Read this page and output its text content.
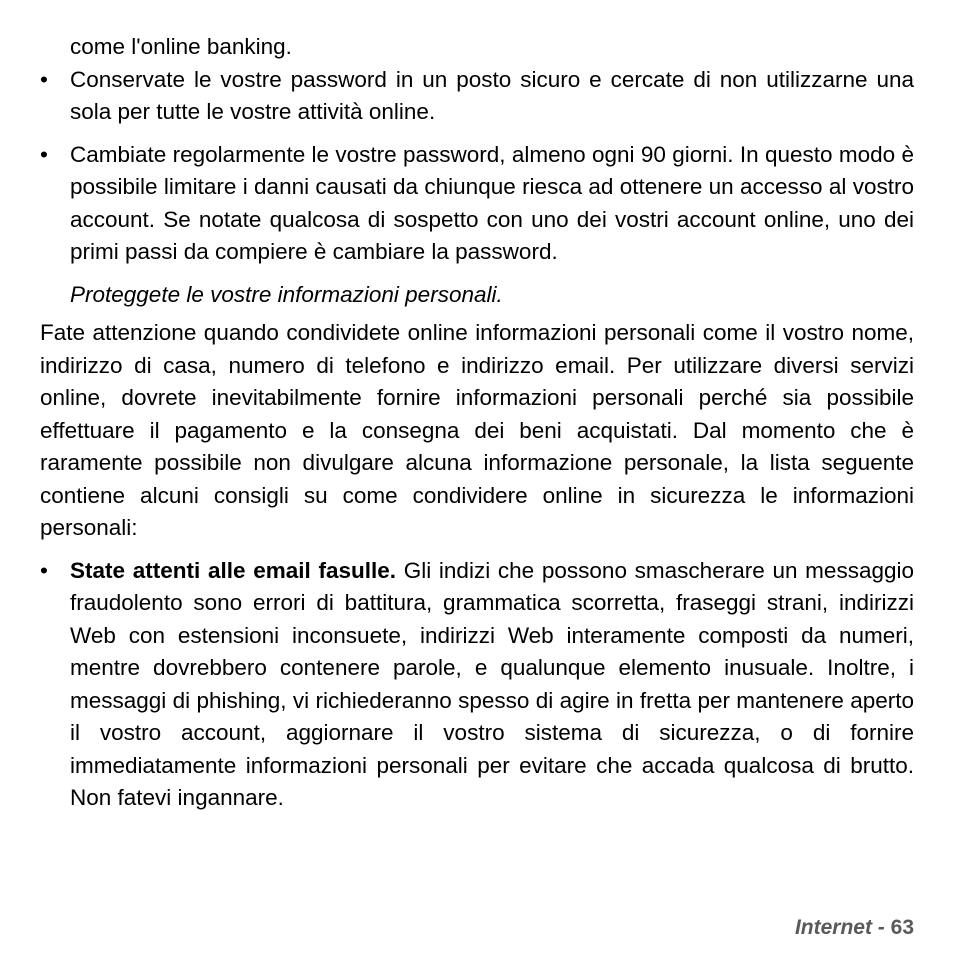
come l'online banking.
• Conservate le vostre password in un posto sicuro e cercate di non utilizzarne una sola per tutte le vostre attività online.
• Cambiate regolarmente le vostre password, almeno ogni 90 giorni. In questo modo è possibile limitare i danni causati da chiunque riesca ad ottenere un accesso al vostro account. Se notate qualcosa di sospetto con uno dei vostri account online, uno dei primi passi da compiere è cambiare la password.
Proteggete le vostre informazioni personali.
Fate attenzione quando condividete online informazioni personali come il vostro nome, indirizzo di casa, numero di telefono e indirizzo email. Per utilizzare diversi servizi online, dovrete inevitabilmente fornire informazioni personali perché sia possibile effettuare il pagamento e la consegna dei beni acquistati. Dal momento che è raramente possibile non divulgare alcuna informazione personale, la lista seguente contiene alcuni consigli su come condividere online in sicurezza le informazioni personali:
• State attenti alle email fasulle. Gli indizi che possono smascherare un messaggio fraudolento sono errori di battitura, grammatica scorretta, fraseggi strani, indirizzi Web con estensioni inconsuete, indirizzi Web interamente composti da numeri, mentre dovrebbero contenere parole, e qualunque elemento inusuale. Inoltre, i messaggi di phishing, vi richiederanno spesso di agire in fretta per mantenere aperto il vostro account, aggiornare il vostro sistema di sicurezza, o di fornire immediatamente informazioni personali per evitare che accada qualcosa di brutto. Non fatevi ingannare.
Internet - 63
